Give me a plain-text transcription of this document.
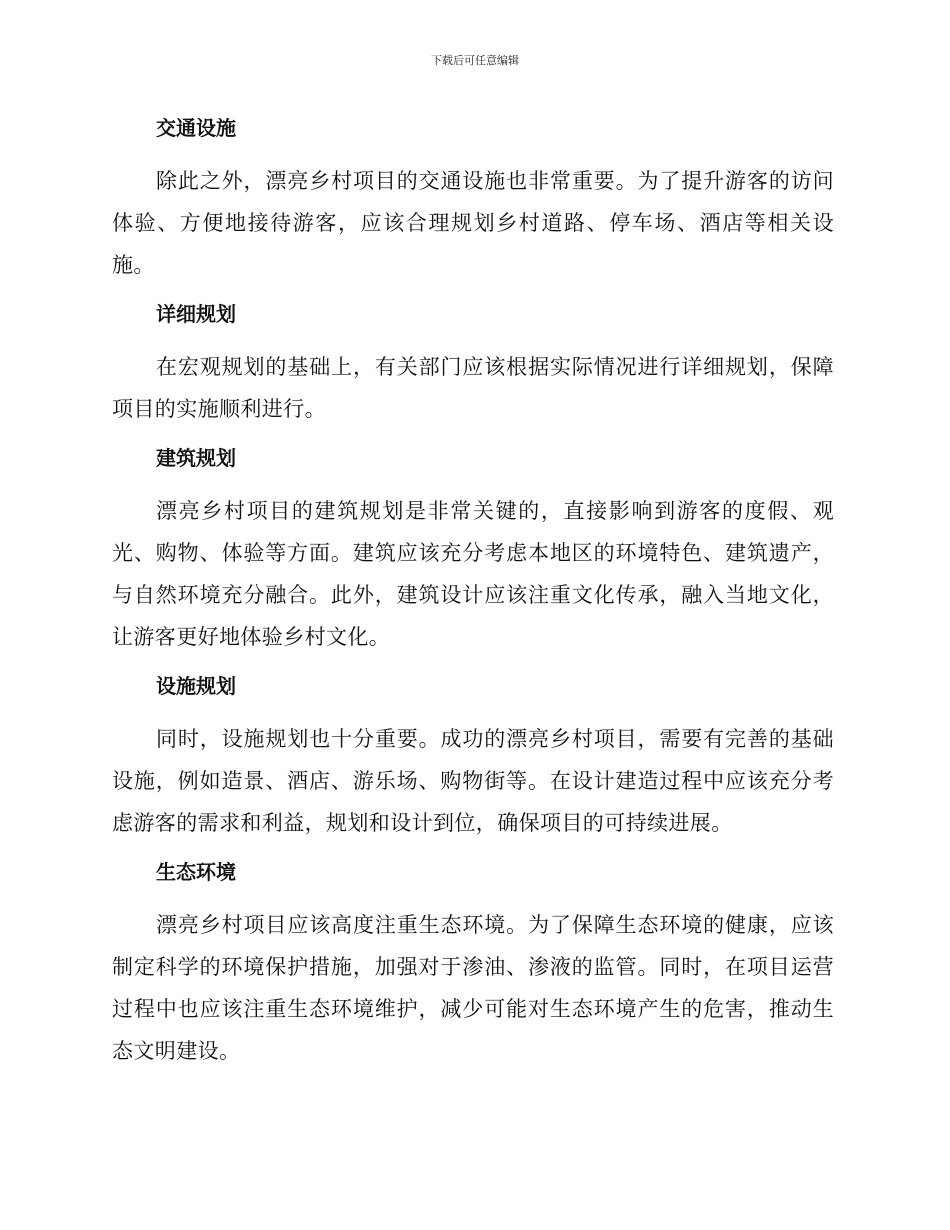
下载后可任意编辑
交通设施

除此之外，漂亮乡村项目的交通设施也非常重要。为了提升游客的访问体验、方便地接待游客，应该合理规划乡村道路、停车场、酒店等相关设施。

详细规划

在宏观规划的基础上，有关部门应该根据实际情况进行详细规划，保障项目的实施顺利进行。

建筑规划

漂亮乡村项目的建筑规划是非常关键的，直接影响到游客的度假、观光、购物、体验等方面。建筑应该充分考虑本地区的环境特色、建筑遗产，与自然环境充分融合。此外，建筑设计应该注重文化传承，融入当地文化，让游客更好地体验乡村文化。

设施规划

同时，设施规划也十分重要。成功的漂亮乡村项目，需要有完善的基础设施，例如造景、酒店、游乐场、购物街等。在设计建造过程中应该充分考虑游客的需求和利益，规划和设计到位，确保项目的可持续进展。

生态环境

漂亮乡村项目应该高度注重生态环境。为了保障生态环境的健康，应该制定科学的环境保护措施，加强对于渗油、渗液的监管。同时，在项目运营过程中也应该注重生态环境维护，减少可能对生态环境产生的危害，推动生态文明建设。
